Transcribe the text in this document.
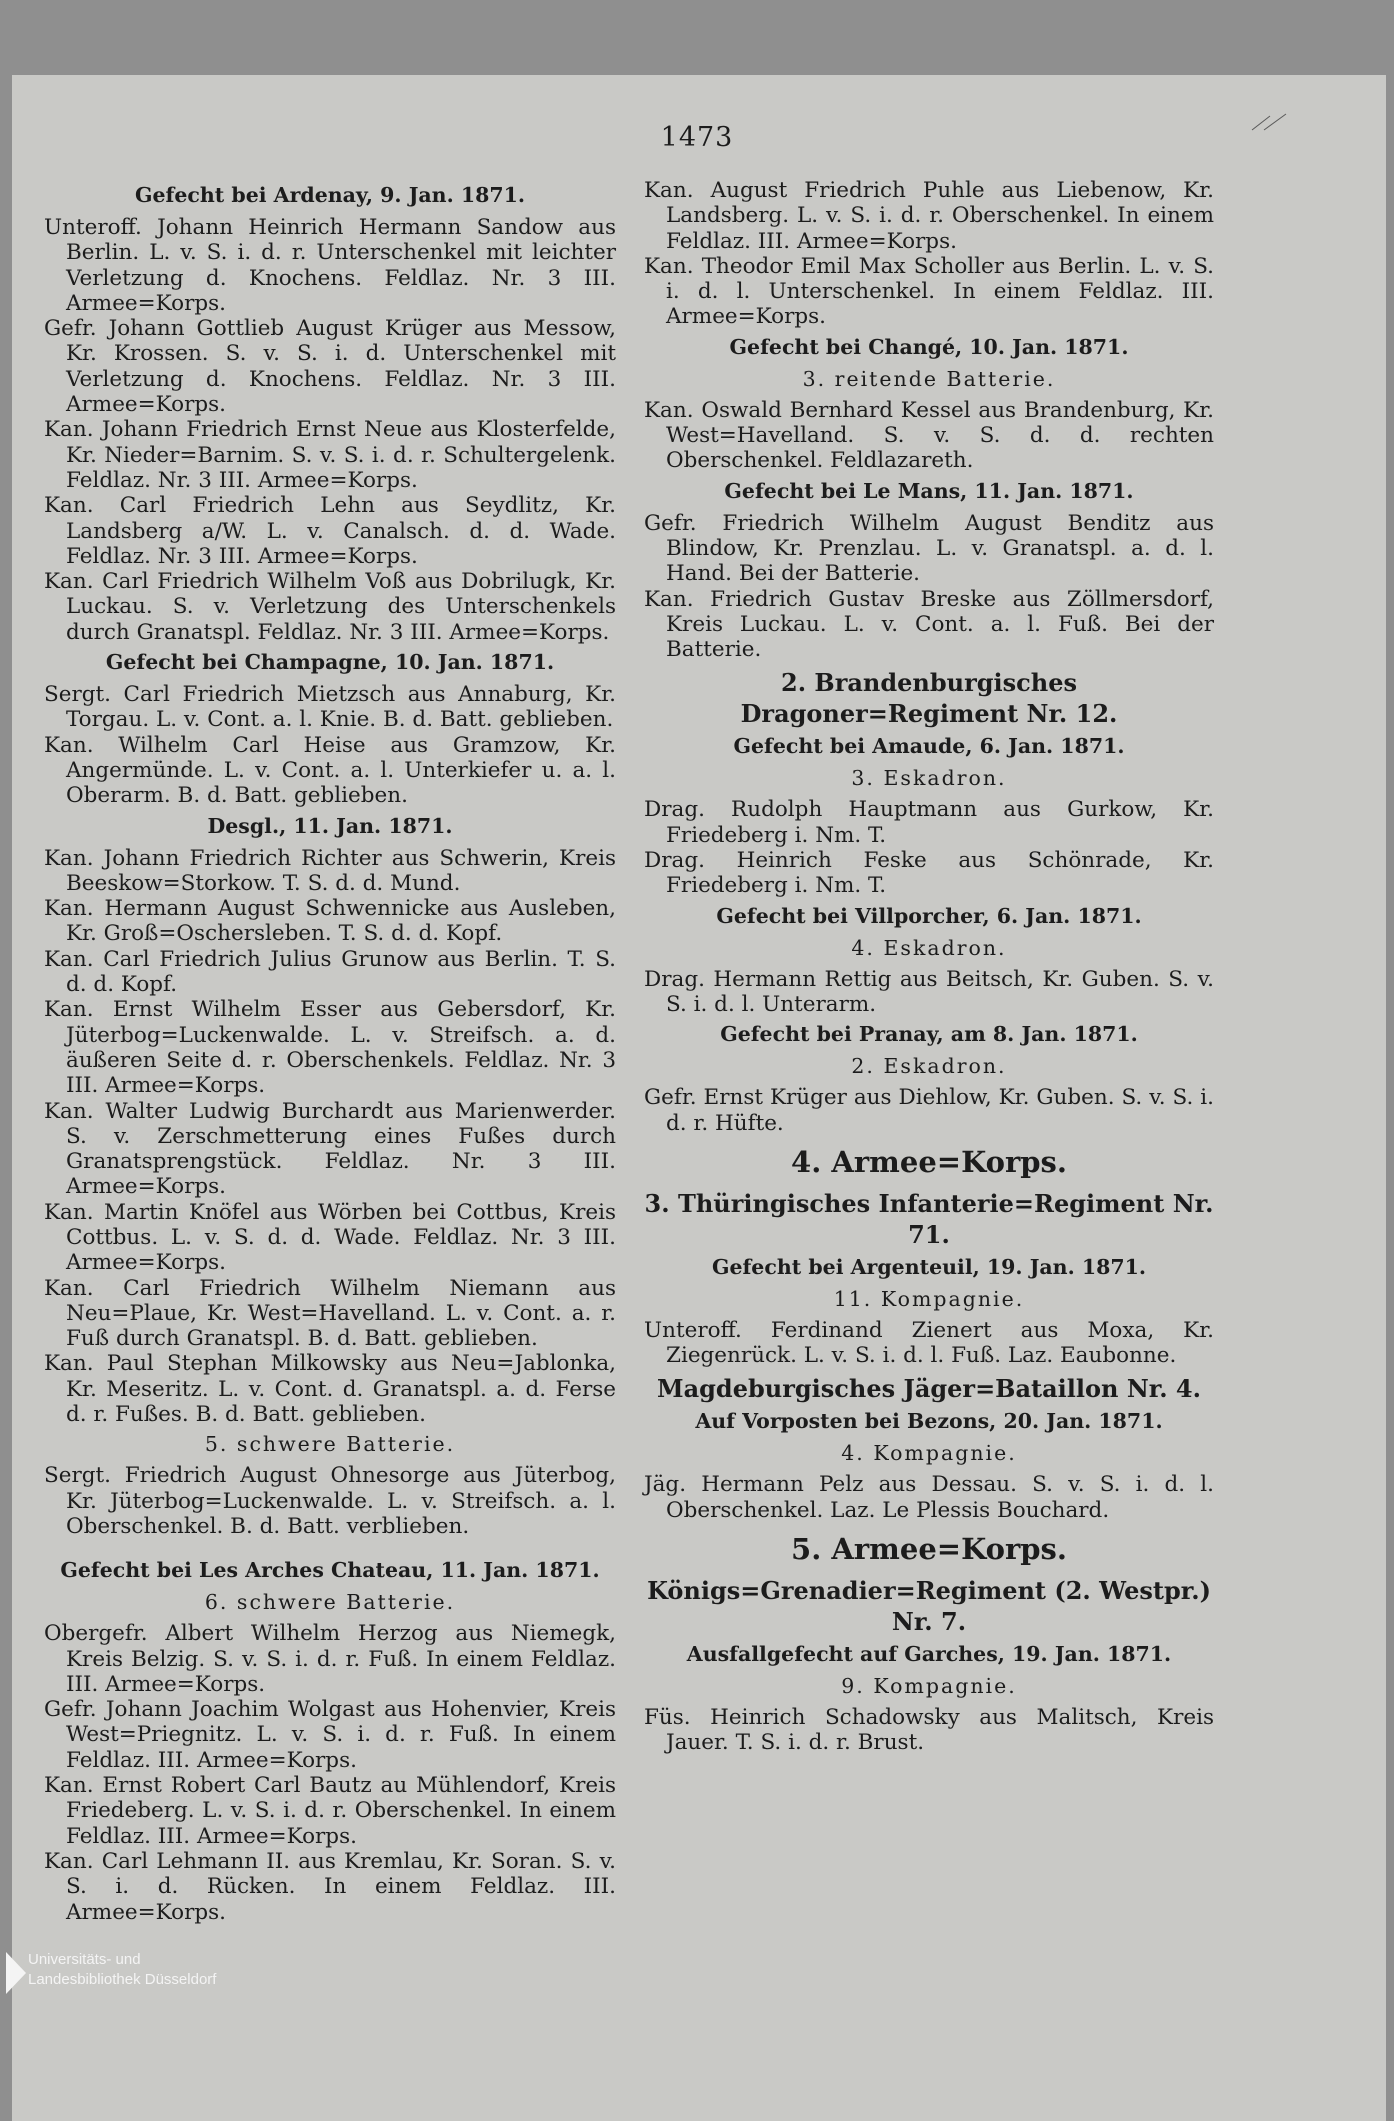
1473

Gefecht bei Ardenay, 9. Jan. 1871.

Unteroff. Johann Heinrich Hermann Sandow aus Berlin. L. v. S. i. d. r. Unterschenkel mit leichter Verletzung d. Knochens. Feldlaz. Nr. 3 III. Armee=Korps.

Gefr. Johann Gottlieb August Krüger aus Messow, Kr. Krossen. S. v. S. i. d. Unterschenkel mit Verletzung d. Knochens. Feldlaz. Nr. 3 III. Armee=Korps.

Kan. Johann Friedrich Ernst Neue aus Klosterfelde, Kr. Nieder=Barnim. S. v. S. i. d. r. Schultergelenk. Feldlaz. Nr. 3 III. Armee=Korps.

Kan. Carl Friedrich Lehn aus Seydlitz, Kr. Landsberg a/W. L. v. Canalsch. d. d. Wade. Feldlaz. Nr. 3 III. Armee=Korps.

Kan. Carl Friedrich Wilhelm Voß aus Dobrilugk, Kr. Luckau. S. v. Verletzung des Unterschenkels durch Granatspl. Feldlaz. Nr. 3 III. Armee=Korps.

Gefecht bei Champagne, 10. Jan. 1871.

Sergt. Carl Friedrich Mietzsch aus Annaburg, Kr. Torgau. L. v. Cont. a. l. Knie. B. d. Batt. geblieben.

Kan. Wilhelm Carl Heise aus Gramzow, Kr. Angermünde. L. v. Cont. a. l. Unterkiefer u. a. l. Oberarm. B. d. Batt. geblieben.

Desgl., 11. Jan. 1871.

Kan. Johann Friedrich Richter aus Schwerin, Kreis Beeskow=Storkow. T. S. d. d. Mund.

Kan. Hermann August Schwennicke aus Ausleben, Kr. Groß=Oschersleben. T. S. d. d. Kopf.

Kan. Carl Friedrich Julius Grunow aus Berlin. T. S. d. d. Kopf.

Kan. Ernst Wilhelm Esser aus Gebersdorf, Kr. Jüterbog=Luckenwalde. L. v. Streifsch. a. d. äußeren Seite d. r. Oberschenkels. Feldlaz. Nr. 3 III. Armee=Korps.

Kan. Walter Ludwig Burchardt aus Marienwerder. S. v. Zerschmetterung eines Fußes durch Granatsprengstück. Feldlaz. Nr. 3 III. Armee=Korps.

Kan. Martin Knöfel aus Wörben bei Cottbus, Kreis Cottbus. L. v. S. d. d. Wade. Feldlaz. Nr. 3 III. Armee=Korps.

Kan. Carl Friedrich Wilhelm Niemann aus Neu=Plaue, Kr. West=Havelland. L. v. Cont. a. r. Fuß durch Granatspl. B. d. Batt. geblieben.

Kan. Paul Stephan Milkowsky aus Neu=Jablonka, Kr. Meseritz. L. v. Cont. d. Granatspl. a. d. Ferse d. r. Fußes. B. d. Batt. geblieben.

5. schwere Batterie.

Sergt. Friedrich August Ohnesorge aus Jüterbog, Kr. Jüterbog=Luckenwalde. L. v. Streifsch. a. l. Oberschenkel. B. d. Batt. verblieben.

Gefecht bei Les Arches Chateau, 11. Jan. 1871.

6. schwere Batterie.

Obergefr. Albert Wilhelm Herzog aus Niemegk, Kreis Belzig. S. v. S. i. d. r. Fuß. In einem Feldlaz. III. Armee=Korps.

Gefr. Johann Joachim Wolgast aus Hohenvier, Kreis West=Priegnitz. L. v. S. i. d. r. Fuß. In einem Feldlaz. III. Armee=Korps.

Kan. Ernst Robert Carl Bautz au Mühlendorf, Kreis Friedeberg. L. v. S. i. d. r. Oberschenkel. In einem Feldlaz. III. Armee=Korps.

Kan. Carl Lehmann II. aus Kremlau, Kr. Soran. S. v. S. i. d. Rücken. In einem Feldlaz. III. Armee=Korps.

Kan. August Friedrich Puhle aus Liebenow, Kr. Landsberg. L. v. S. i. d. r. Oberschenkel. In einem Feldlaz. III. Armee=Korps.

Kan. Theodor Emil Max Scholler aus Berlin. L. v. S. i. d. l. Unterschenkel. In einem Feldlaz. III. Armee=Korps.

Gefecht bei Changé, 10. Jan. 1871.

3. reitende Batterie.

Kan. Oswald Bernhard Kessel aus Brandenburg, Kr. West=Havelland. S. v. S. d. d. rechten Oberschenkel. Feldlazareth.

Gefecht bei Le Mans, 11. Jan. 1871.

Gefr. Friedrich Wilhelm August Benditz aus Blindow, Kr. Prenzlau. L. v. Granatspl. a. d. l. Hand. Bei der Batterie.

Kan. Friedrich Gustav Breske aus Zöllmersdorf, Kreis Luckau. L. v. Cont. a. l. Fuß. Bei der Batterie.

2. Brandenburgisches Dragoner=Regiment Nr. 12.

Gefecht bei Amaude, 6. Jan. 1871.

3. Eskadron.

Drag. Rudolph Hauptmann aus Gurkow, Kr. Friedeberg i. Nm. T.

Drag. Heinrich Feske aus Schönrade, Kr. Friedeberg i. Nm. T.

Gefecht bei Villporcher, 6. Jan. 1871.

4. Eskadron.

Drag. Hermann Rettig aus Beitsch, Kr. Guben. S. v. S. i. d. l. Unterarm.

Gefecht bei Pranay, am 8. Jan. 1871.

2. Eskadron.

Gefr. Ernst Krüger aus Diehlow, Kr. Guben. S. v. S. i. d. r. Hüfte.

4. Armee=Korps.

3. Thüringisches Infanterie=Regiment Nr. 71.

Gefecht bei Argenteuil, 19. Jan. 1871.

11. Kompagnie.

Unteroff. Ferdinand Zienert aus Moxa, Kr. Ziegenrück. L. v. S. i. d. l. Fuß. Laz. Eaubonne.

Magdeburgisches Jäger=Bataillon Nr. 4.

Auf Vorposten bei Bezons, 20. Jan. 1871.

4. Kompagnie.

Jäg. Hermann Pelz aus Dessau. S. v. S. i. d. l. Oberschenkel. Laz. Le Plessis Bouchard.

5. Armee=Korps.

Königs=Grenadier=Regiment (2. Westpr.) Nr. 7.

Ausfallgefecht auf Garches, 19. Jan. 1871.

9. Kompagnie.

Füs. Heinrich Schadowsky aus Malitsch, Kreis Jauer. T. S. i. d. r. Brust.

Universitäts- und
Landesbibliothek Düsseldorf
